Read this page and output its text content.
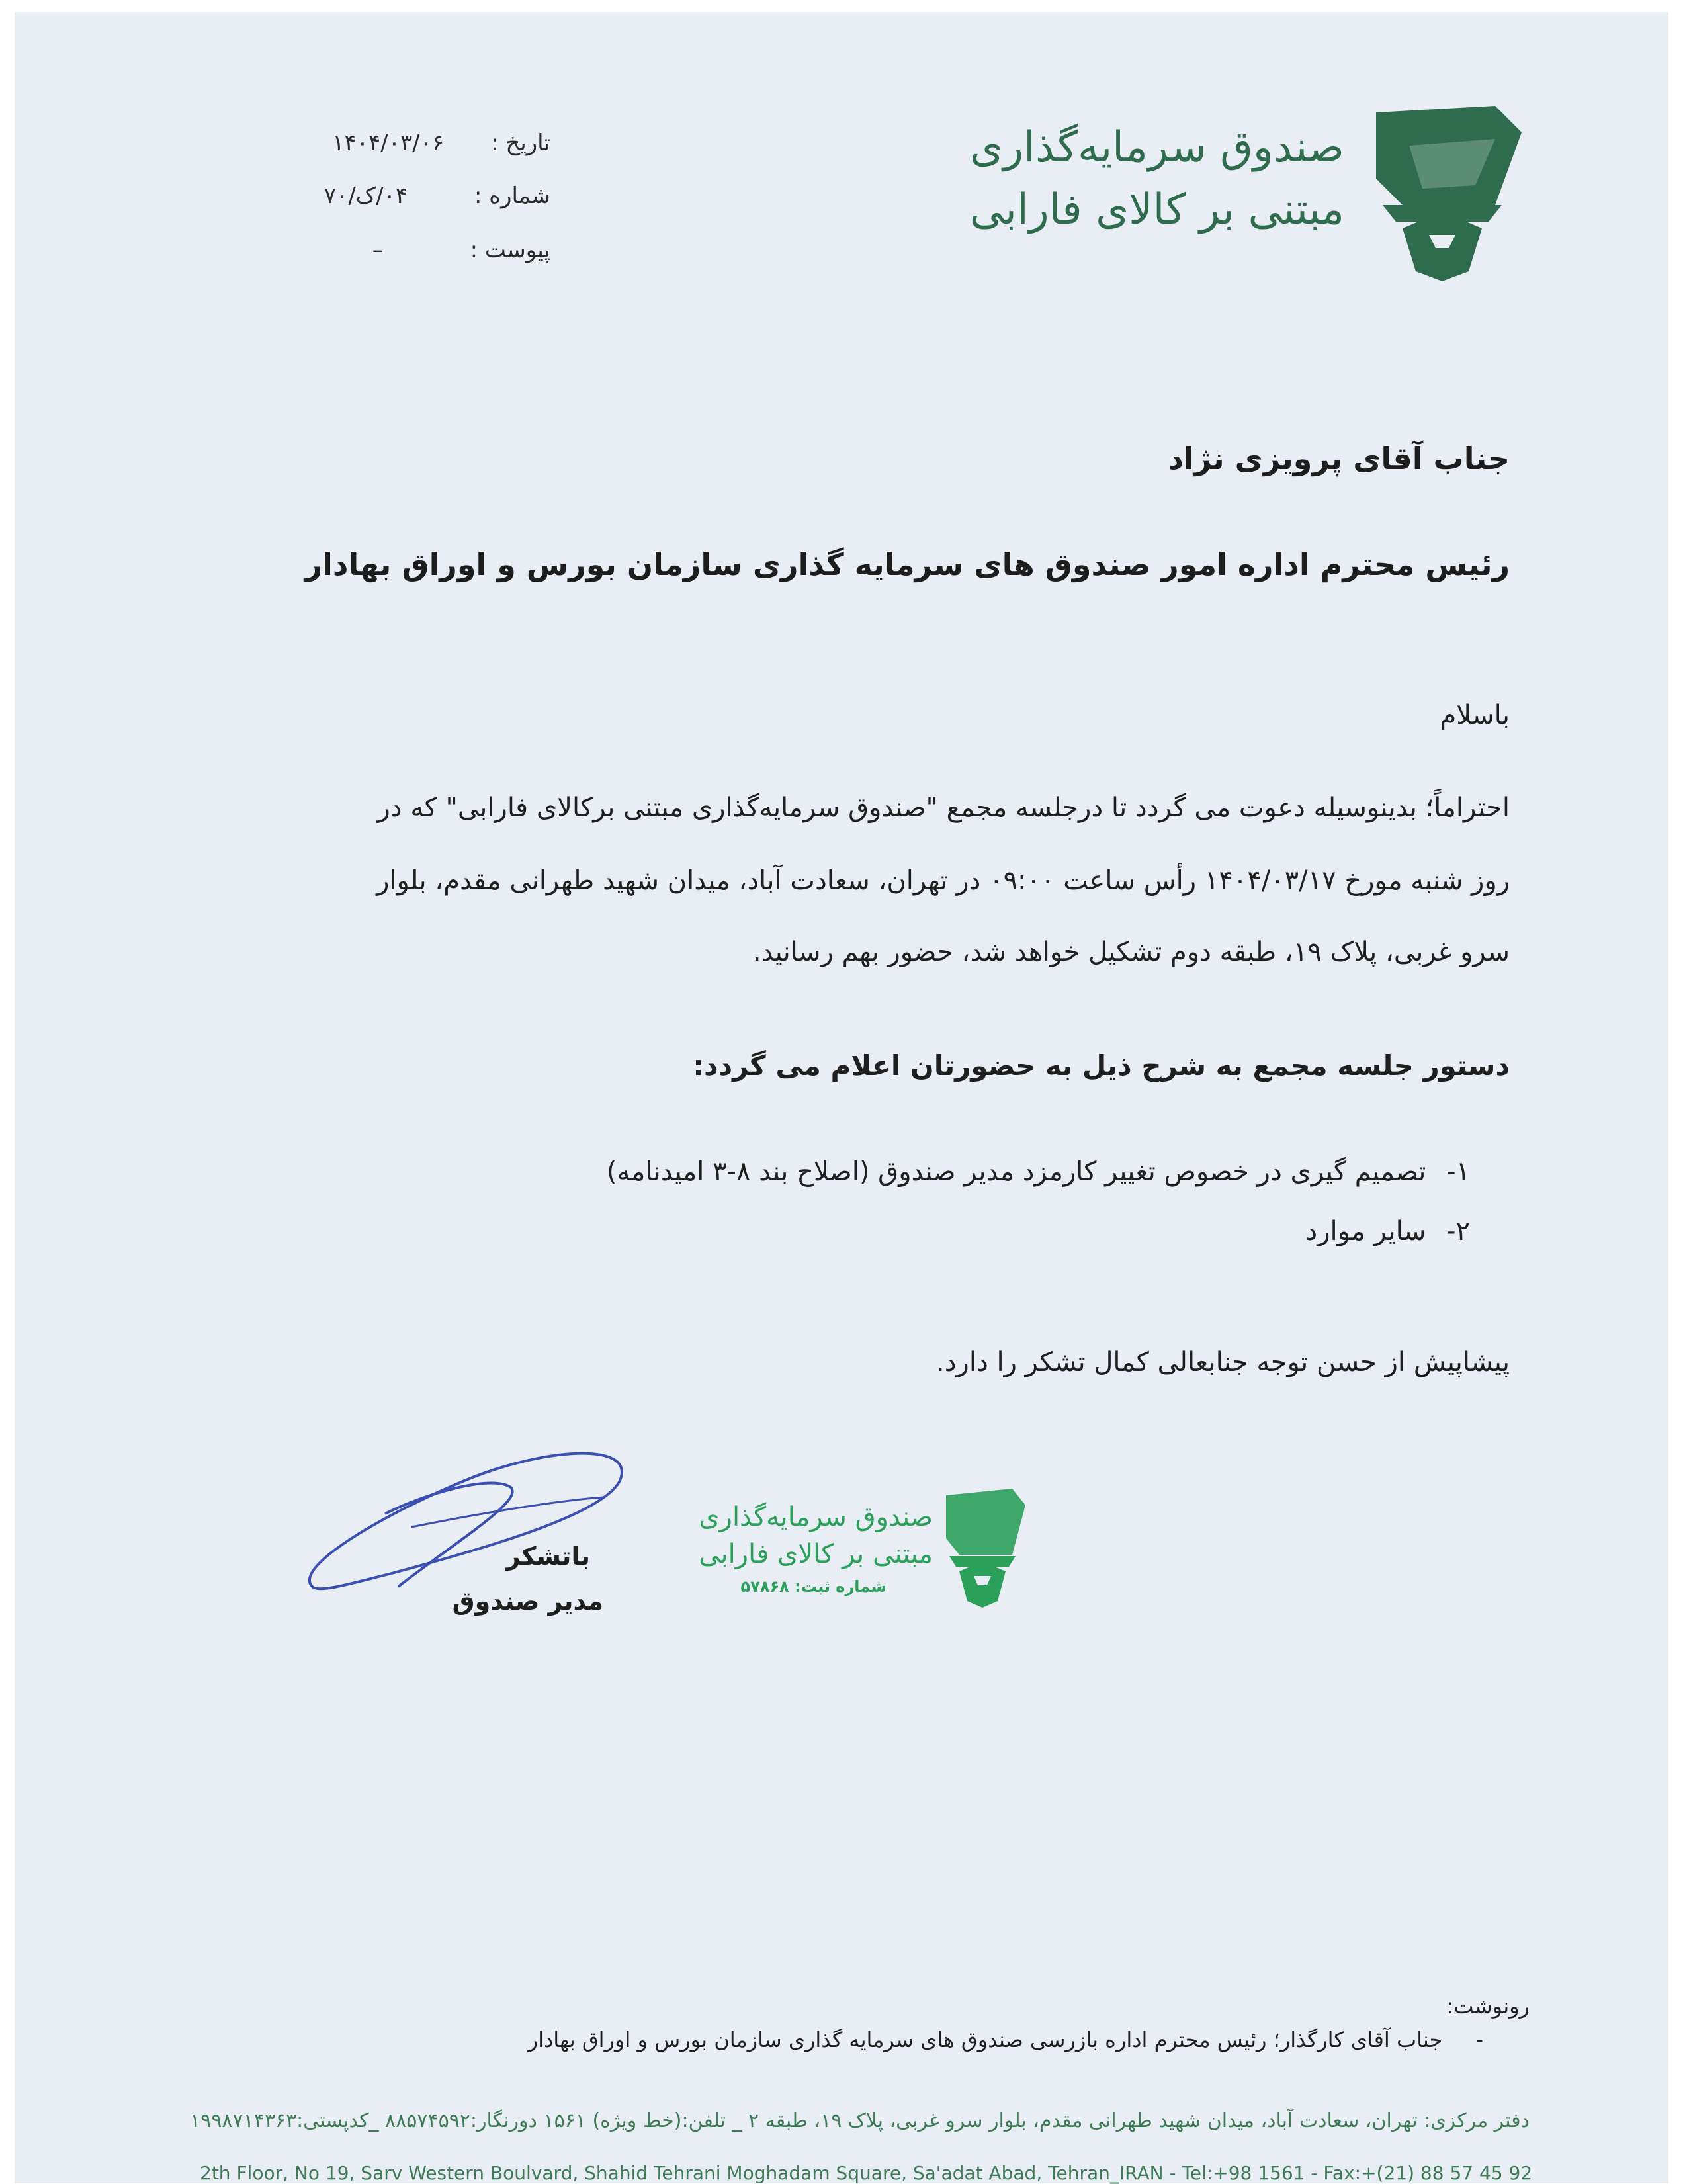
صندوق سرمایه‌گذاری
مبتنی بر کالای فارابی
تاریخ : ۱۴۰۴/۰۳/۰۶
شماره : ۰۴/ک/۷۰
پیوست : –
جناب آقای پرویزی نژاد
رئیس محترم اداره امور صندوق های سرمایه گذاری سازمان بورس و اوراق بهادار
باسلام
احتراماً؛ بدینوسیله دعوت می گردد تا درجلسه مجمع "صندوق سرمایه‌گذاری مبتنی برکالای فارابی" که در
روز شنبه مورخ ۱۴۰۴/۰۳/۱۷ رأس ساعت ۰۹:۰۰ در تهران، سعادت آباد، میدان شهید طهرانی مقدم، بلوار
سرو غربی، پلاک ۱۹، طبقه دوم تشکیل خواهد شد، حضور بهم رسانید.
دستور جلسه مجمع به شرح ذیل به حضورتان اعلام می گردد:
۱- تصمیم گیری در خصوص تغییر کارمزد مدیر صندوق (اصلاح بند ۸-۳ امیدنامه)
۲- سایر موارد
پیشاپیش از حسن توجه جنابعالی کمال تشکر را دارد.
باتشکر
مدیر صندوق
صندوق سرمایه‌گذاری
مبتنی بر کالای فارابی
شماره ثبت: ۵۷۸۶۸
رونوشت:
- جناب آقای کارگذار؛ رئیس محترم اداره بازرسی صندوق های سرمایه گذاری سازمان بورس و اوراق بهادار
دفتر مرکزی: تهران، سعادت آباد، میدان شهید طهرانی مقدم، بلوار سرو غربی، پلاک ۱۹، طبقه ۲ _ تلفن:(خط ویژه) ۱۵۶۱ دورنگار:۸۸۵۷۴۵۹۲ _کدپستی:۱۹۹۸۷۱۴۳۶۳
2th Floor, No 19, Sarv Western Boulvard, Shahid Tehrani Moghadam Square, Sa'adat Abad, Tehran_IRAN - Tel:+98 1561 - Fax:+(21) 88 57 45 92
